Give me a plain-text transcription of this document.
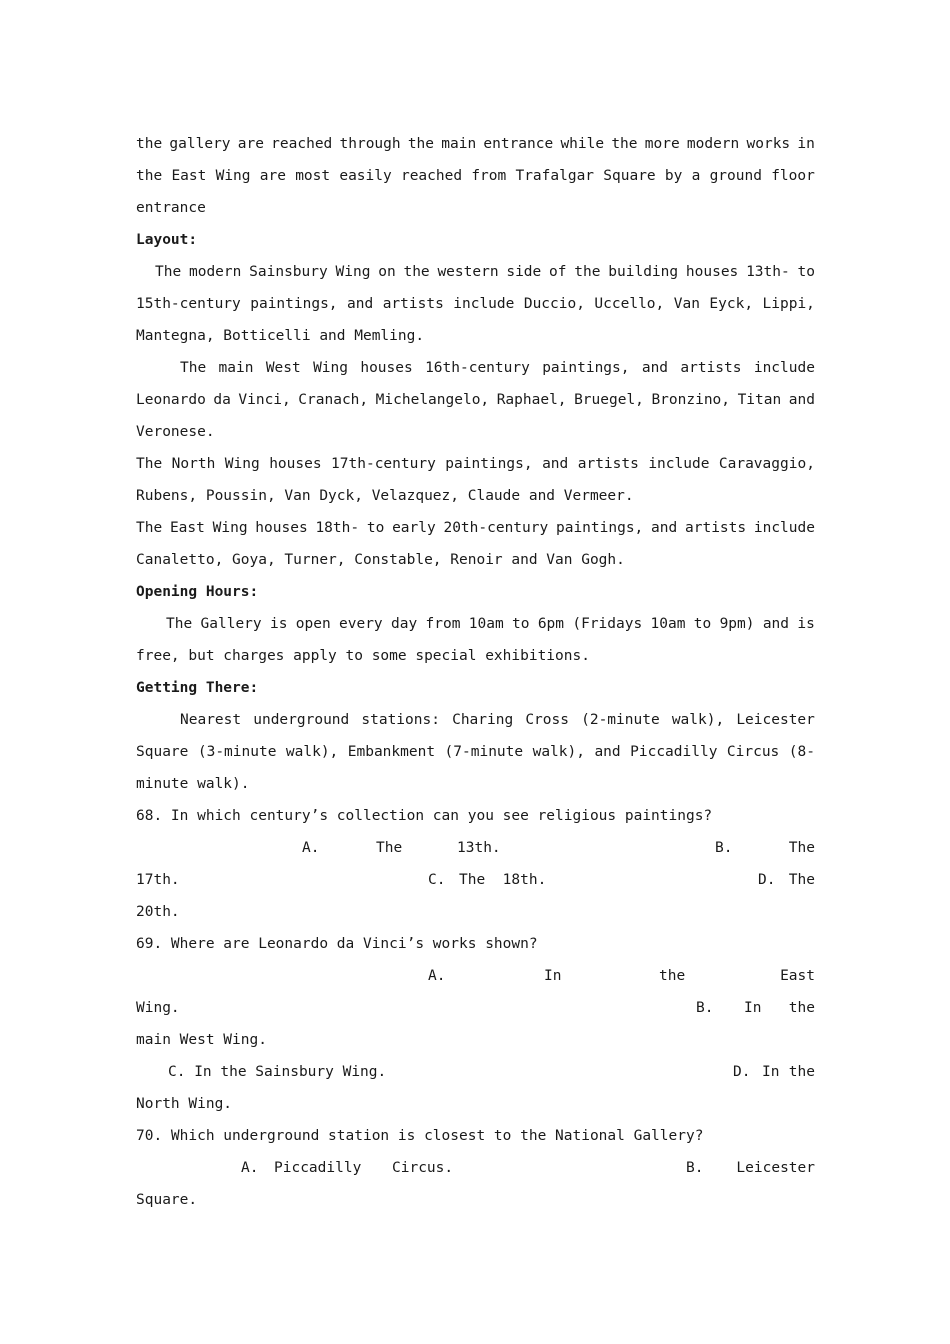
the gallery are reached through the main entrance while the more modern works in
the East Wing are most easily reached from Trafalgar Square by a ground floor
entrance
Layout:
The modern Sainsbury Wing on the western side of the building houses 13th- to
15th-century paintings, and artists include Duccio, Uccello, Van Eyck, Lippi,
Mantegna, Botticelli and Memling.
The main West Wing houses 16th-century paintings, and artists include
Leonardo da Vinci, Cranach, Michelangelo, Raphael, Bruegel, Bronzino, Titan and
Veronese.
The North Wing houses 17th-century paintings, and artists include Caravaggio,
Rubens, Poussin, Van Dyck, Velazquez, Claude and Vermeer.
The East Wing houses 18th- to early 20th-century paintings, and artists include
Canaletto, Goya, Turner, Constable, Renoir and Van Gogh.
Opening Hours:
The Gallery is open every day from 10am to 6pm (Fridays 10am to 9pm) and is
free, but charges apply to some special exhibitions.
Getting There:
Nearest underground stations: Charing Cross (2-minute walk), Leicester
Square (3-minute walk), Embankment (7-minute walk), and Piccadilly Circus (8-
minute walk).
68. In which century’s collection can you see religious paintings?
A.	The	13th.	B.	The
17th.	C. The  18th.	D. The
20th.
69. Where are Leonardo da Vinci’s works shown?
A.	In	the	East
Wing.	B. In the
main West Wing.
C. In the Sainsbury Wing.	D. In the
North Wing.
70. Which underground station is closest to the National Gallery?
A. Piccadilly Circus.	B. Leicester
Square.
